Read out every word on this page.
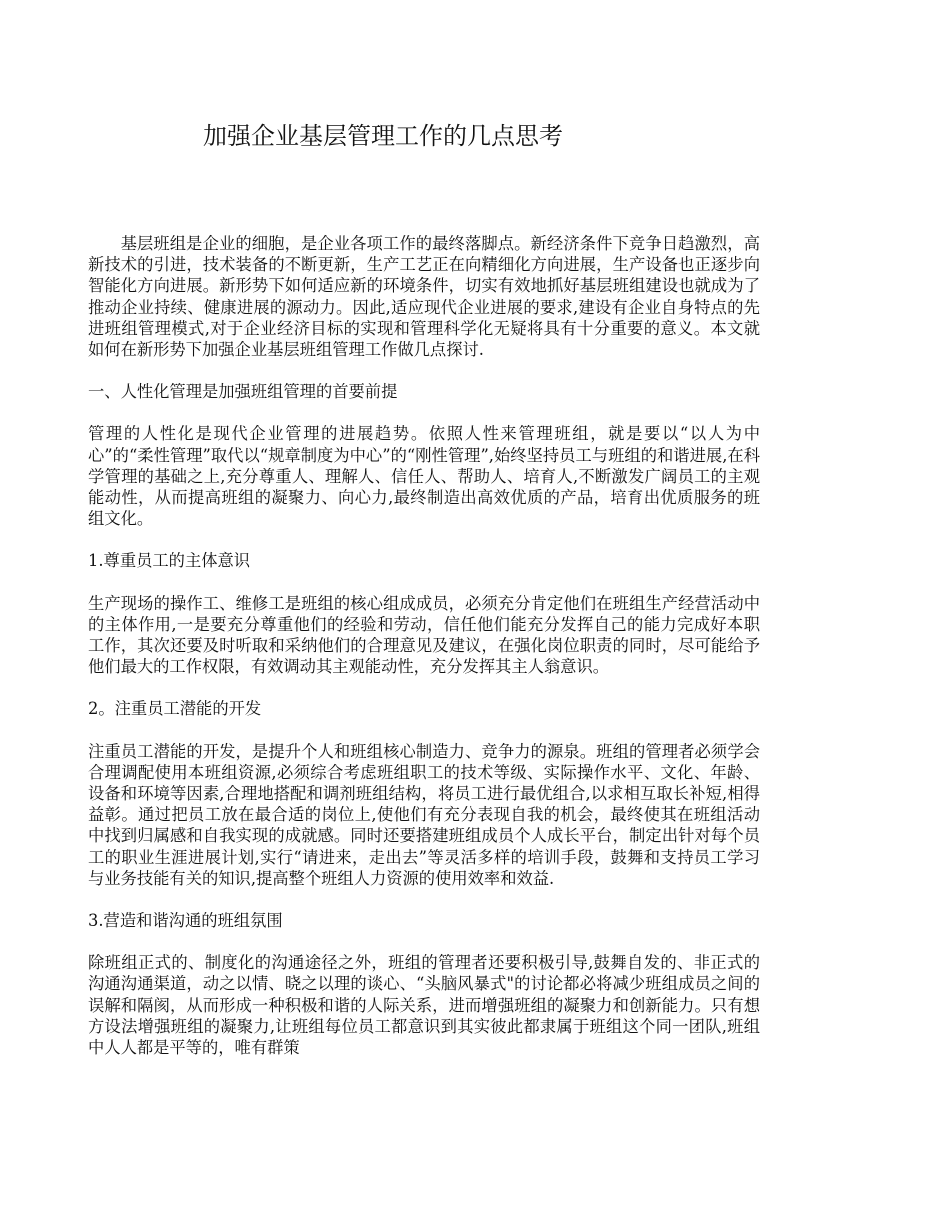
加强企业基层管理工作的几点思考

基层班组是企业的细胞，是企业各项工作的最终落脚点。新经济条件下竞争日趋激烈，高新技术的引进，技术装备的不断更新，生产工艺正在向精细化方向进展，生产设备也正逐步向智能化方向进展。新形势下如何适应新的环境条件，切实有效地抓好基层班组建设也就成为了推动企业持续、健康进展的源动力。因此,适应现代企业进展的要求,建设有企业自身特点的先进班组管理模式,对于企业经济目标的实现和管理科学化无疑将具有十分重要的意义。本文就如何在新形势下加强企业基层班组管理工作做几点探讨.

一、人性化管理是加强班组管理的首要前提

管理的人性化是现代企业管理的进展趋势。依照人性来管理班组，就是要以“以人为中心”的“柔性管理”取代以“规章制度为中心”的“刚性管理”,始终坚持员工与班组的和谐进展,在科学管理的基础之上,充分尊重人、理解人、信任人、帮助人、培育人,不断激发广阔员工的主观能动性，从而提高班组的凝聚力、向心力,最终制造出高效优质的产品，培育出优质服务的班组文化。

1.尊重员工的主体意识

生产现场的操作工、维修工是班组的核心组成成员，必须充分肯定他们在班组生产经营活动中的主体作用,一是要充分尊重他们的经验和劳动，信任他们能充分发挥自己的能力完成好本职工作，其次还要及时听取和采纳他们的合理意见及建议，在强化岗位职责的同时，尽可能给予他们最大的工作权限，有效调动其主观能动性，充分发挥其主人翁意识。

2。注重员工潜能的开发

注重员工潜能的开发，是提升个人和班组核心制造力、竞争力的源泉。班组的管理者必须学会合理调配使用本班组资源,必须综合考虑班组职工的技术等级、实际操作水平、文化、年龄、设备和环境等因素,合理地搭配和调剂班组结构，将员工进行最优组合,以求相互取长补短,相得益彰。通过把员工放在最合适的岗位上,使他们有充分表现自我的机会，最终使其在班组活动中找到归属感和自我实现的成就感。同时还要搭建班组成员个人成长平台，制定出针对每个员工的职业生涯进展计划,实行“请进来，走出去”等灵活多样的培训手段，鼓舞和支持员工学习与业务技能有关的知识,提高整个班组人力资源的使用效率和效益.

3.营造和谐沟通的班组氛围

除班组正式的、制度化的沟通途径之外，班组的管理者还要积极引导,鼓舞自发的、非正式的沟通沟通渠道，动之以情、晓之以理的谈心、“头脑风暴式"的讨论都必将减少班组成员之间的误解和隔阂，从而形成一种积极和谐的人际关系，进而增强班组的凝聚力和创新能力。只有想方设法增强班组的凝聚力,让班组每位员工都意识到其实彼此都隶属于班组这个同一团队,班组中人人都是平等的，唯有群策
